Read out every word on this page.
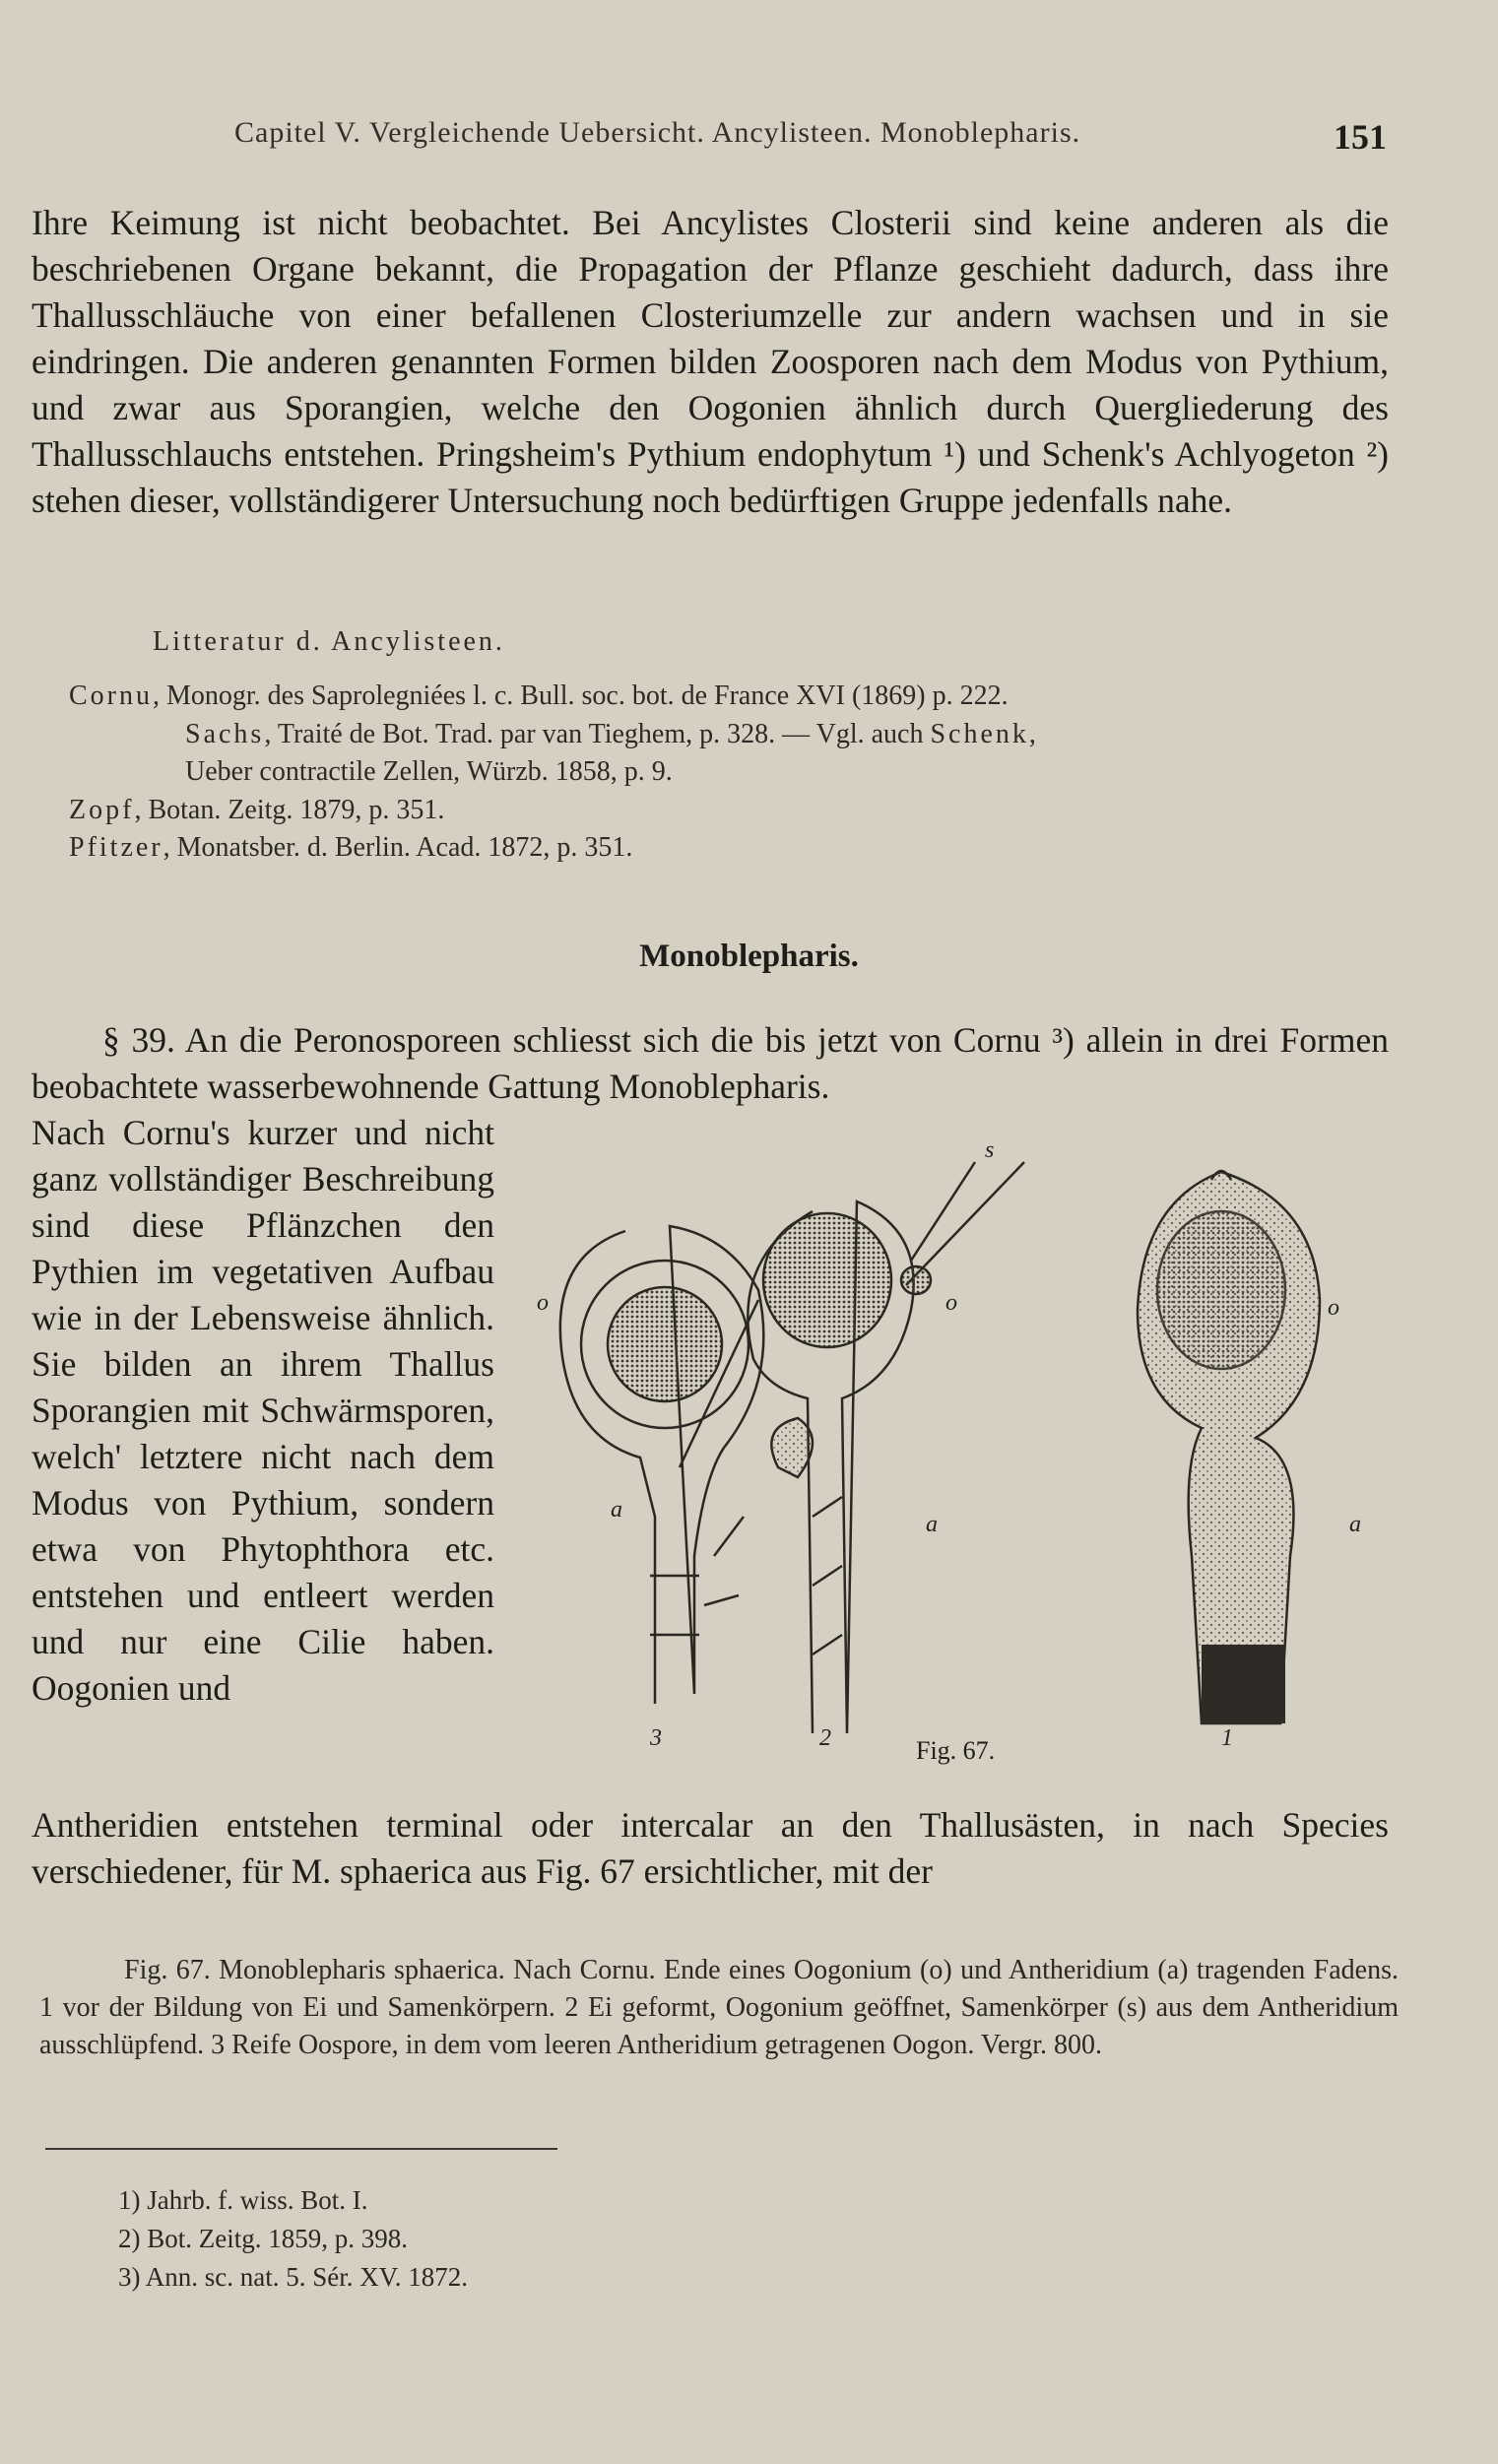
Capitel V. Vergleichende Uebersicht. Ancylisteen. Monoblepharis.	151
Ihre Keimung ist nicht beobachtet. Bei Ancylistes Closterii sind keine anderen als die beschriebenen Organe bekannt, die Propagation der Pflanze geschieht dadurch, dass ihre Thallusschläuche von einer befallenen Closteriumzelle zur andern wachsen und in sie eindringen. Die anderen genannten Formen bilden Zoosporen nach dem Modus von Pythium, und zwar aus Sporangien, welche den Oogonien ähnlich durch Quergliederung des Thallusschlauchs entstehen. Pringsheim's Pythium endophytum ¹) und Schenk's Achlyogeton ²) stehen dieser, vollständigerer Untersuchung noch bedürftigen Gruppe jedenfalls nahe.
Litteratur d. Ancylisteen.
Cornu, Monogr. des Saprolegniées l. c. Bull. soc. bot. de France XVI (1869) p. 222.
Sachs, Traité de Bot. Trad. par van Tieghem, p. 328. — Vgl. auch Schenk,
Ueber contractile Zellen, Würzb. 1858, p. 9.
Zopf, Botan. Zeitg. 1879, p. 351.
Pfitzer, Monatsber. d. Berlin. Acad. 1872, p. 351.
Monoblepharis.
§ 39. An die Peronosporeen schliesst sich die bis jetzt von Cornu ³) allein in drei Formen beobachtete wasserbewohnende Gattung Monoblepharis.
Nach Cornu's kurzer und nicht ganz vollständiger Beschreibung sind diese Pflänzchen den Pythien im vegetativen Aufbau wie in der Lebensweise ähnlich. Sie bilden an ihrem Thallus Sporangien mit Schwärmsporen, welch' letztere nicht nach dem Modus von Pythium, sondern etwa von Phytophthora etc. entstehen und entleert werden und nur eine Cilie haben. Oogonien und
o
a
3
s
o
a
2
o
a
1
Fig. 67.
Antheridien entstehen terminal oder intercalar an den Thallusästen, in nach Species verschiedener, für M. sphaerica aus Fig. 67 ersichtlicher, mit der
Fig. 67. Monoblepharis sphaerica. Nach Cornu. Ende eines Oogonium (o) und Antheridium (a) tragenden Fadens. 1 vor der Bildung von Ei und Samenkörpern. 2 Ei geformt, Oogonium geöffnet, Samenkörper (s) aus dem Antheridium ausschlüpfend. 3 Reife Oospore, in dem vom leeren Antheridium getragenen Oogon. Vergr. 800.
1) Jahrb. f. wiss. Bot. I.
2) Bot. Zeitg. 1859, p. 398.
3) Ann. sc. nat. 5. Sér. XV. 1872.
